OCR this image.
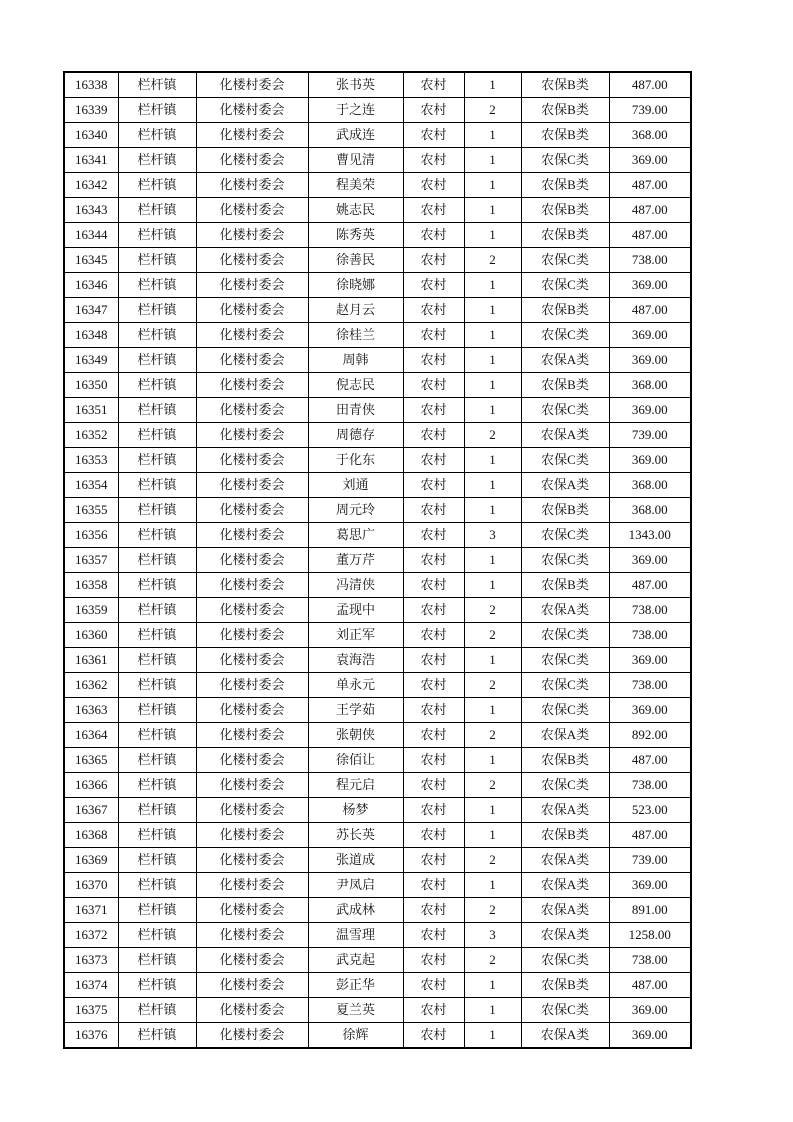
16338	栏杆镇	化楼村委会	张书英	农村	1	农保B类	487.00
16339	栏杆镇	化楼村委会	于之连	农村	2	农保B类	739.00
16340	栏杆镇	化楼村委会	武成连	农村	1	农保B类	368.00
16341	栏杆镇	化楼村委会	曹见清	农村	1	农保C类	369.00
16342	栏杆镇	化楼村委会	程美荣	农村	1	农保B类	487.00
16343	栏杆镇	化楼村委会	姚志民	农村	1	农保B类	487.00
16344	栏杆镇	化楼村委会	陈秀英	农村	1	农保B类	487.00
16345	栏杆镇	化楼村委会	徐善民	农村	2	农保C类	738.00
16346	栏杆镇	化楼村委会	徐晓娜	农村	1	农保C类	369.00
16347	栏杆镇	化楼村委会	赵月云	农村	1	农保B类	487.00
16348	栏杆镇	化楼村委会	徐桂兰	农村	1	农保C类	369.00
16349	栏杆镇	化楼村委会	周韩	农村	1	农保A类	369.00
16350	栏杆镇	化楼村委会	倪志民	农村	1	农保B类	368.00
16351	栏杆镇	化楼村委会	田青侠	农村	1	农保C类	369.00
16352	栏杆镇	化楼村委会	周德存	农村	2	农保A类	739.00
16353	栏杆镇	化楼村委会	于化东	农村	1	农保C类	369.00
16354	栏杆镇	化楼村委会	刘通	农村	1	农保A类	368.00
16355	栏杆镇	化楼村委会	周元玲	农村	1	农保B类	368.00
16356	栏杆镇	化楼村委会	葛思广	农村	3	农保C类	1343.00
16357	栏杆镇	化楼村委会	董万芹	农村	1	农保C类	369.00
16358	栏杆镇	化楼村委会	冯清侠	农村	1	农保B类	487.00
16359	栏杆镇	化楼村委会	孟现中	农村	2	农保A类	738.00
16360	栏杆镇	化楼村委会	刘正军	农村	2	农保C类	738.00
16361	栏杆镇	化楼村委会	袁海浩	农村	1	农保C类	369.00
16362	栏杆镇	化楼村委会	单永元	农村	2	农保C类	738.00
16363	栏杆镇	化楼村委会	王学茹	农村	1	农保C类	369.00
16364	栏杆镇	化楼村委会	张朝侠	农村	2	农保A类	892.00
16365	栏杆镇	化楼村委会	徐佰让	农村	1	农保B类	487.00
16366	栏杆镇	化楼村委会	程元启	农村	2	农保C类	738.00
16367	栏杆镇	化楼村委会	杨梦	农村	1	农保A类	523.00
16368	栏杆镇	化楼村委会	苏长英	农村	1	农保B类	487.00
16369	栏杆镇	化楼村委会	张道成	农村	2	农保A类	739.00
16370	栏杆镇	化楼村委会	尹凤启	农村	1	农保A类	369.00
16371	栏杆镇	化楼村委会	武成林	农村	2	农保A类	891.00
16372	栏杆镇	化楼村委会	温雪理	农村	3	农保A类	1258.00
16373	栏杆镇	化楼村委会	武克起	农村	2	农保C类	738.00
16374	栏杆镇	化楼村委会	彭正华	农村	1	农保B类	487.00
16375	栏杆镇	化楼村委会	夏兰英	农村	1	农保C类	369.00
16376	栏杆镇	化楼村委会	徐辉	农村	1	农保A类	369.00
